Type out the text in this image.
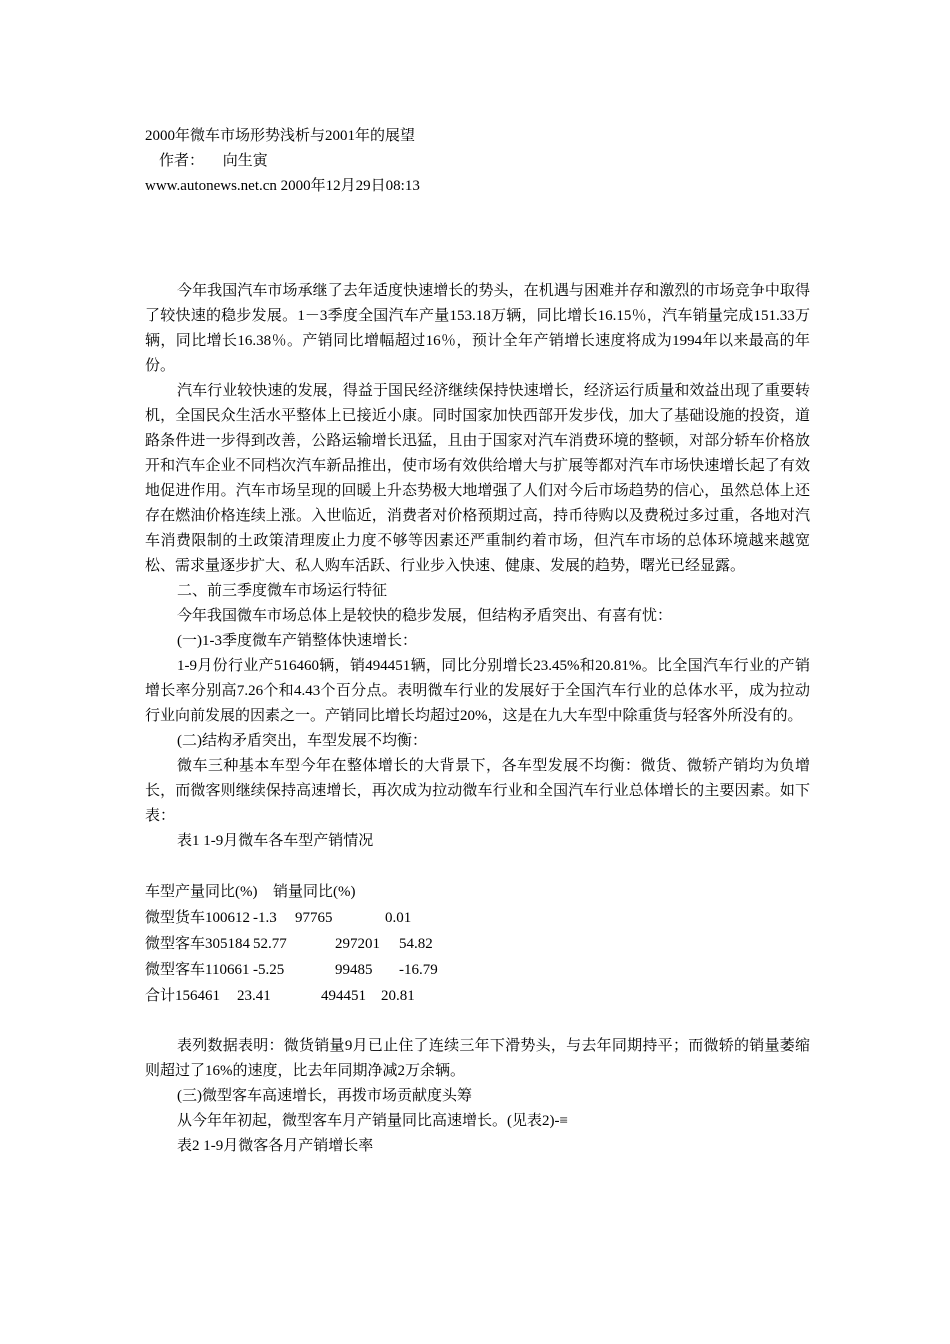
2000年微车市场形势浅析与2001年的展望
作者： 向生寅
www.autonews.net.cn 2000年12月29日08:13

今年我国汽车市场承继了去年适度快速增长的势头，在机遇与困难并存和激烈的市场竞争中取得了较快速的稳步发展。1－3季度全国汽车产量153.18万辆，同比增长16.15％，汽车销量完成151.33万辆，同比增长16.38％。产销同比增幅超过16％，预计全年产销增长速度将成为1994年以来最高的年份。

汽车行业较快速的发展，得益于国民经济继续保持快速增长，经济运行质量和效益出现了重要转机，全国民众生活水平整体上已接近小康。同时国家加快西部开发步伐，加大了基础设施的投资，道路条件进一步得到改善，公路运输增长迅猛，且由于国家对汽车消费环境的整顿，对部分轿车价格放开和汽车企业不同档次汽车新品推出，使市场有效供给增大与扩展等都对汽车市场快速增长起了有效地促进作用。汽车市场呈现的回暖上升态势极大地增强了人们对今后市场趋势的信心，虽然总体上还存在燃油价格连续上涨。入世临近，消费者对价格预期过高，持币待购以及费税过多过重，各地对汽车消费限制的土政策清理废止力度不够等因素还严重制约着市场，但汽车市场的总体环境越来越宽松、需求量逐步扩大、私人购车活跃、行业步入快速、健康、发展的趋势，曙光已经显露。

二、前三季度微车市场运行特征

今年我国微车市场总体上是较快的稳步发展，但结构矛盾突出、有喜有忧：

(一)1-3季度微车产销整体快速增长：

1-9月份行业产516460辆，销494451辆，同比分别增长23.45%和20.81%。比全国汽车行业的产销增长率分别高7.26个和4.43个百分点。表明微车行业的发展好于全国汽车行业的总体水平，成为拉动行业向前发展的因素之一。产销同比增长均超过20%，这是在九大车型中除重货与轻客外所没有的。

(二)结构矛盾突出，车型发展不均衡：

微车三种基本车型今年在整体增长的大背景下，各车型发展不均衡：微货、微轿产销均为负增长，而微客则继续保持高速增长，再次成为拉动微车行业和全国汽车行业总体增长的主要因素。如下表：

表1 1-9月微车各车型产销情况

车型产量同比(%)	销量同比(%)
微型货车100612 -1.3	97765	0.01
微型客车305184 52.77	297201	54.82
微型客车110661 -5.25	99485	-16.79
合计156461	23.41	494451	20.81

表列数据表明：微货销量9月已止住了连续三年下滑势头，与去年同期持平；而微轿的销量萎缩则超过了16%的速度，比去年同期净减2万余辆。

(三)微型客车高速增长，再拨市场贡献度头筹

从今年年初起，微型客车月产销量同比高速增长。(见表2)-≡

表2 1-9月微客各月产销增长率
